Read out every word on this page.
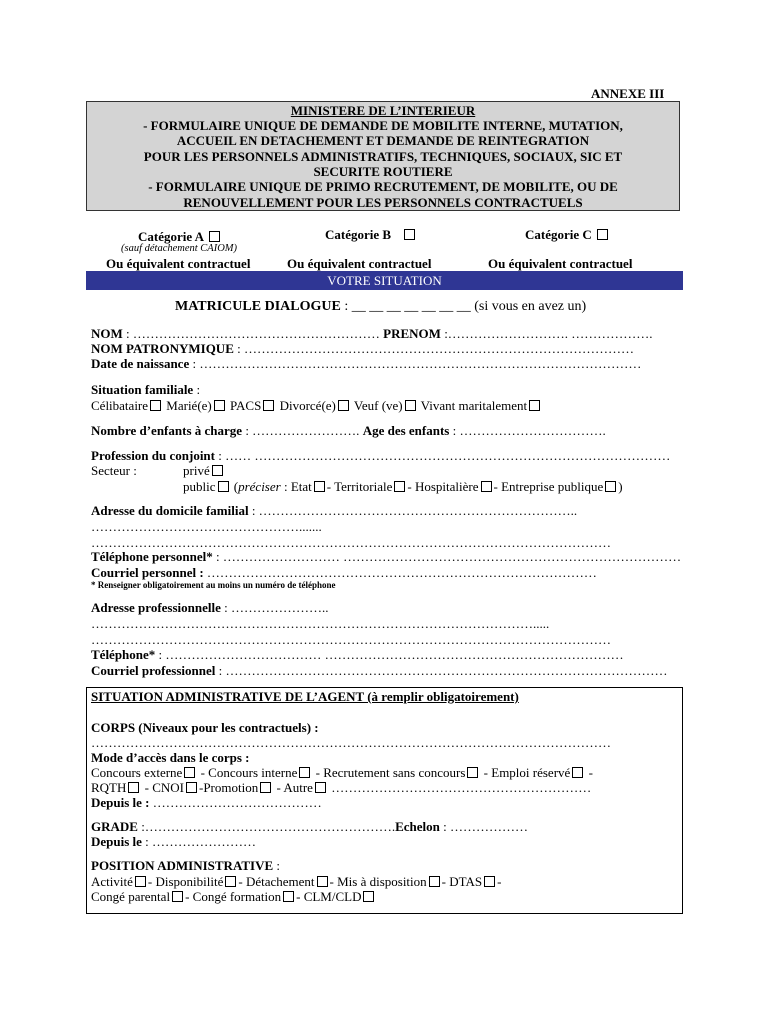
ANNEXE III
MINISTERE DE L’INTERIEUR
- FORMULAIRE UNIQUE DE DEMANDE DE MOBILITE INTERNE, MUTATION,
ACCUEIL EN DETACHEMENT ET DEMANDE DE REINTEGRATION
POUR LES PERSONNELS ADMINISTRATIFS, TECHNIQUES, SOCIAUX, SIC ET
SECURITE ROUTIERE
- FORMULAIRE UNIQUE DE PRIMO RECRUTEMENT, DE MOBILITE, OU DE
RENOUVELLEMENT POUR LES PERSONNELS CONTRACTUELS
Catégorie A
(sauf détachement CAIOM)
Catégorie B	Catégorie C
Ou équivalent contractuel	Ou équivalent contractuel	Ou équivalent contractuel
VOTRE SITUATION
MATRICULE DIALOGUE : __ __ __ __ __ __ __ (si vous en avez un)
NOM : ………………………………………………… PRENOM :………………………. ……………….
NOM PATRONYMIQUE : ………………………………………………………………………………
Date de naissance : …………………………………………………………………………………………
Situation familiale :
Célibataire Marié(e) PACS Divorcé(e) Veuf (ve) Vivant maritalement
Nombre d’enfants à charge : ……………………. Age des enfants : …………………………….
Profession du conjoint : …… ……………………………………………………………………………………
Secteur :	privé
public (préciser : Etat - Territoriale - Hospitalière - Entreprise publique )
Adresse du domicile familial : ………………………………………………………………..
………………………………………….......
…………………………………………………………………………………………………………
Téléphone personnel* : ……………………… ……………………………………………………………………
Courriel personnel : ………………………………………………………………………………
* Renseigner obligatoirement au moins un numéro de téléphone
Adresse professionnelle : …………………..
………………………………………………………………………………………….....
…………………………………………………………………………………………………………
Téléphone* : ……………………………… ……………………………………………………………
Courriel professionnel : …………………………………………………………………………………………
SITUATION ADMINISTRATIVE DE L’AGENT (à remplir obligatoirement)
CORPS (Niveaux pour les contractuels) :
…………………………………………………………………………………………………………
Mode d’accès dans le corps :
Concours externe - Concours interne - Recrutement sans concours - Emploi réservé -
RQTH - CNOI -Promotion - Autre ……………………………………………………
Depuis le : …………………………………
GRADE :………………………………………………….Echelon : ………………
Depuis le : ……………………
POSITION ADMINISTRATIVE :
Activité - Disponibilité - Détachement - Mis à disposition - DTAS -
Congé parental - Congé formation - CLM/CLD
